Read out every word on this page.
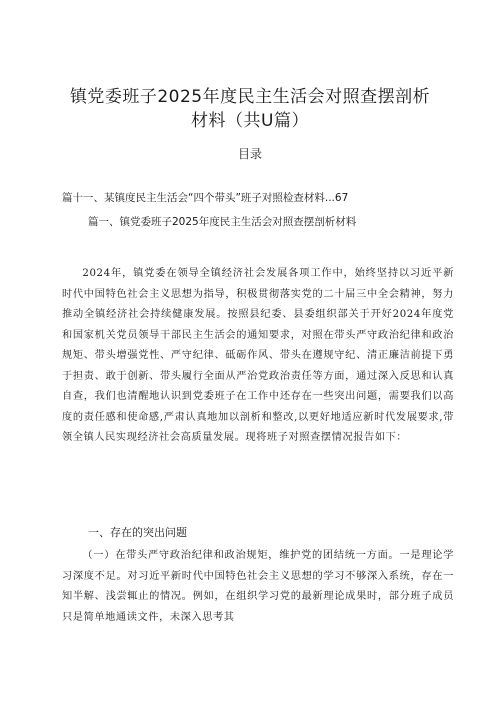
镇党委班子2025年度民主生活会对照查摆剖析
材料（共U篇）
目录
篇十一、某镇度民主生活会“四个带头”班子对照检查材料...67
篇一、镇党委班子2025年度民主生活会对照查摆剖析材料

2024年，镇党委在领导全镇经济社会发展各项工作中，始终坚持以习近平新时代中国特色社会主义思想为指导，积极贯彻落实党的二十届三中全会精神，努力推动全镇经济社会持续健康发展。按照县纪委、县委组织部关于开好2024年度党和国家机关党员领导干部民主生活会的通知要求，对照在带头严守政治纪律和政治规矩、带头增强党性、严守纪律、砥砺作风、带头在遵规守纪、清正廉洁前提下勇于担责、敢于创新、带头履行全面从严治党政治责任等方面，通过深入反思和认真自查，我们也清醒地认识到党委班子在工作中还存在一些突出问题，需要我们以高度的责任感和使命感,严肃认真地加以剖析和整改,以更好地适应新时代发展要求,带领全镇人民实现经济社会高质量发展。现将班子对照查摆情况报告如下：

一、存在的突出问题

（一）在带头严守政治纪律和政治规矩，维护党的团结统一方面。一是理论学习深度不足。对习近平新时代中国特色社会主义思想的学习不够深入系统，存在一知半解、浅尝辄止的情况。例如，在组织学习党的最新理论成果时，部分班子成员只是简单地通读文件，未深入思考其
